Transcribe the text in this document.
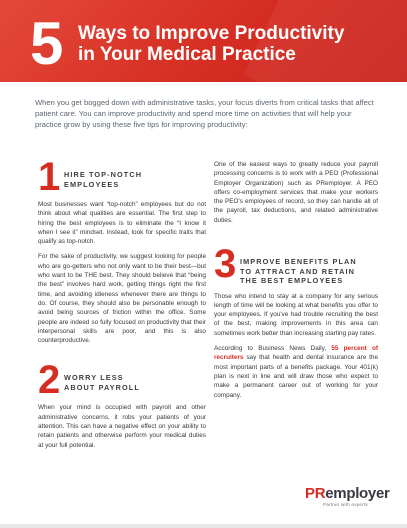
5 Ways to Improve Productivity
in Your Medical Practice
When you get bogged down with administrative tasks, your focus diverts from critical tasks that affect patient care. You can improve productivity and spend more time on activities that will help your practice grow by using these five tips for improving productivity:
1 HIRE TOP-NOTCH
EMPLOYEES

Most businesses want “top-notch” employees but do not think about what qualities are essential. The first step to hiring the best employees is to eliminate the “I know it when I see it” mindset. Instead, look for specific traits that qualify as top-notch.

For the sake of productivity, we suggest looking for people who are go-getters who not only want to be their best—but who want to be THE best. They should believe that “being the best” involves hard work, getting things right the first time, and avoiding idleness whenever there are things to do. Of course, they should also be personable enough to avoid being sources of friction within the office. Some people are indeed so fully focused on productivity that their interpersonal skills are poor, and this is also counterproductive.

2 WORRY LESS
ABOUT PAYROLL

When your mind is occupied with payroll and other administrative concerns, it robs your patients of your attention. This can have a negative effect on your ability to retain patients and otherwise perform your medical duties at your full potential.

One of the easiest ways to greatly reduce your payroll processing concerns is to work with a PEO (Professional Employer Organization) such as PRemployer. A PEO offers co-employment services that make your workers the PEO's employees of record, so they can handle all of the payroll, tax deductions, and related administrative duties.

3 IMPROVE BENEFITS PLAN
TO ATTRACT AND RETAIN
THE BEST EMPLOYEES

Those who intend to stay at a company for any serious length of time will be looking at what benefits you offer to your employees. If you've had trouble recruiting the best of the best, making improvements in this area can sometimes work better than increasing starting pay rates.

According to Business News Daily, 55 percent of recruiters say that health and dental insurance are the most important parts of a benefits package. Your 401(k) plan is next in line and will draw those who expect to make a permanent career out of working for your company.

PRemployer
Partner with experts
